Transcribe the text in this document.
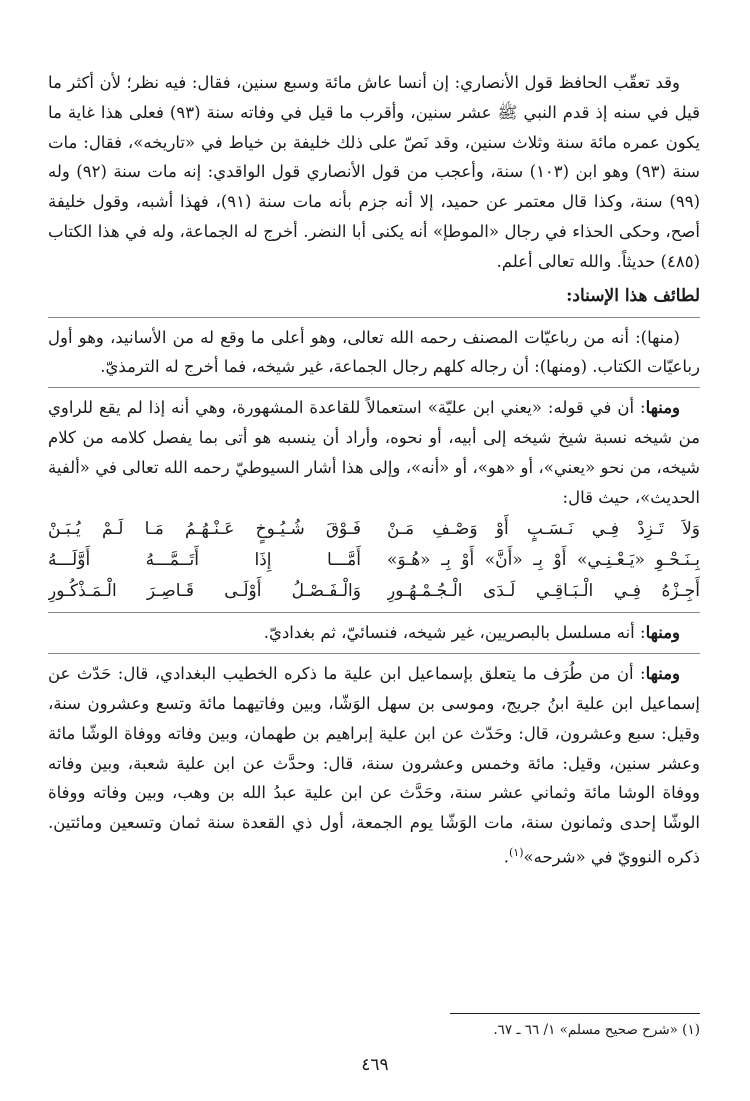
وقد تعقّب الحافظ قول الأنصاري: إن أنسا عاش مائة وسبع سنين، فقال: فيه نظر؛ لأن أكثر ما قيل في سنه إذ قدم النبي ﷺ عشر سنين، وأقرب ما قيل في وفاته سنة (٩٣) فعلى هذا غاية ما يكون عمره مائة سنة وثلاث سنين، وقد نَصّ على ذلك خليفة بن خياط في «تاريخه»، فقال: مات سنة (٩٣) وهو ابن (١٠٣) سنة، وأعجب من قول الأنصاري قول الواقدي: إنه مات سنة (٩٢) وله (٩٩) سنة، وكذا قال معتمر عن حميد، إلا أنه جزم بأنه مات سنة (٩١)، فهذا أشبه، وقول خليفة أصح، وحكى الحذاء في رجال «الموطإ» أنه يكنى أبا النضر. أخرج له الجماعة، وله في هذا الكتاب (٤٨٥) حديثاً. والله تعالى أعلم.

لطائف هذا الإسناد:

(منها): أنه من رباعيّات المصنف رحمه الله تعالى، وهو أعلى ما وقع له من الأسانيد، وهو أول رباعيّات الكتاب. (ومنها): أن رجاله كلهم رجال الجماعة، غير شيخه، فما أخرج له الترمذيّ.

ومنها: أن في قوله: «يعني ابن عليّة» استعمالاً للقاعدة المشهورة، وهي أنه إذا لم يقع للراوي من شيخه نسبة شيخ شيخه إلى أبيه، أو نحوه، وأراد أن ينسبه هو أتى بما يفصل كلامه من كلام شيخه، من نحو «يعني»، أو «هو»، أو «أنه»، وإلى هذا أشار السيوطيّ رحمه الله تعالى في «ألفية الحديث»، حيث قال:

وَلاَ تَـزِدْ فِـي نَـسَـبٍ أَوْ وَصْـفِ مَـنْ
فَـوْقَ شُـيُـوخٍ عَـنْـهُـمُ مَـا لَـمْ يُـبَـنْ
بِـنَـحْـوِ «يَـعْـنِـي» أَوْ بِـ «أَنَّ» أَوْ بِـ «هُـوَ»
أَمَّـــا إِذَا أَتَــمَّـــهُ أَوَّلَـــهُ
أَجِـزْهُ فِـي الْـبَـاقِـي لَـدَى الْـجُـمْـهُـورِ
وَالْـفَـصْـلُ أَوْلَـى قَـاصِـرَ الْـمَـذْكُـورِ

ومنها: أنه مسلسل بالبصريين، غير شيخه، فنسائيّ، ثم بغداديّ.

ومنها: أن من طُرَف ما يتعلق بإسماعيل ابن علية ما ذكره الخطيب البغدادي، قال: حَدّث عن إسماعيل ابن علية ابنُ جريج، وموسى بن سهل الوَشّا، وبين وفاتيهما مائة وتسع وعشرون سنة، وقيل: سبع وعشرون، قال: وحَدّث عن ابن علية إبراهيم بن طهمان، وبين وفاته ووفاة الوشّا مائة وعشر سنين، وقيل: مائة وخمس وعشرون سنة، قال: وحدَّث عن ابن علية شعبة، وبين وفاته ووفاة الوشا مائة وثماني عشر سنة، وحَدَّث عن ابن علية عبدُ الله بن وهب، وبين وفاته ووفاة الوشّا إحدى وثمانون سنة، مات الوَشّا يوم الجمعة، أول ذي القعدة سنة ثمان وتسعين ومائتين. ذكره النوويّ في «شرحه»$^{(١)}$.

(١) «شرح صحيح مسلم» ١/ ٦٦ ـ ٦٧.
٤٦٩
